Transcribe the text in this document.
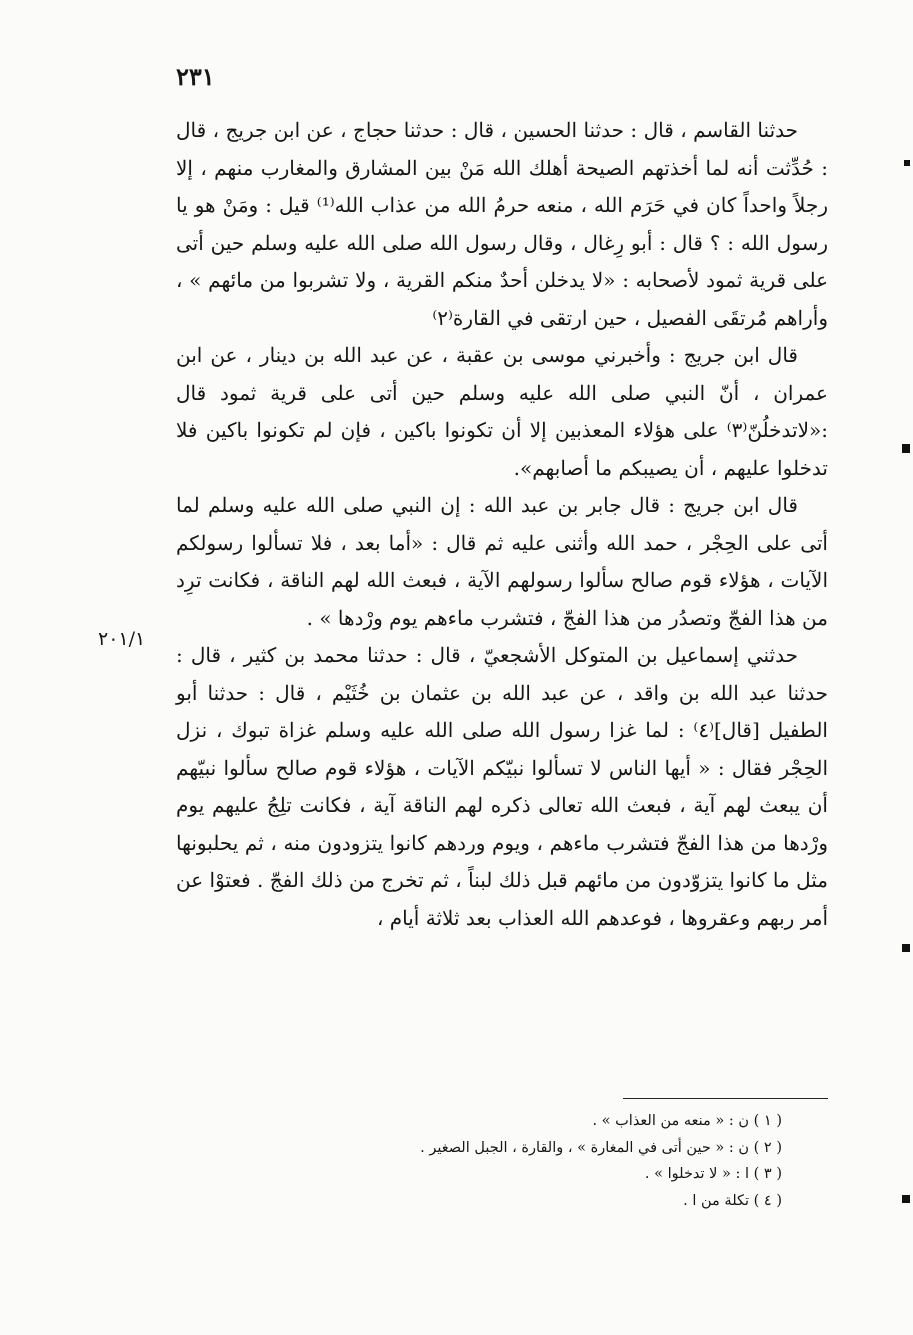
٢٣١

حدثنا القاسم ، قال : حدثنا الحسين ، قال : حدثنا حجاج ، عن ابن جريج ، قال : حُدِّثت أنه لما أخذتهم الصيحة أهلك الله مَنْ بين المشارق والمغارب منهم ، إلا رجلاً واحداً كان في حَرَم الله ، منعه حرمُ الله من عذاب الله⁽¹⁾ قيل : ومَنْ هو يا رسول الله : ؟ قال : أبو رِغال ، وقال رسول الله صلى الله عليه وسلم حين أتى على قرية ثمود لأصحابه : «لا يدخلن أحدٌ منكم القرية ، ولا تشربوا من مائهم » ، وأراهم مُرتقَى الفصيل ، حين ارتقى في القارة⁽٢⁾

قال ابن جريج : وأخبرني موسى بن عقبة ، عن عبد الله بن دينار ، عن ابن عمران ، أنّ النبي صلى الله عليه وسلم حين أتى على قرية ثمود قال :«لاتدخلُنّ⁽٣⁾ على هؤلاء المعذبين إلا أن تكونوا باكين ، فإن لم تكونوا باكين فلا تدخلوا عليهم ، أن يصيبكم ما أصابهم».

قال ابن جريج : قال جابر بن عبد الله : إن النبي صلى الله عليه وسلم لما أتى على الحِجْر ، حمد الله وأثنى عليه ثم قال : «أما بعد ، فلا تسألوا رسولكم الآيات ، هؤلاء قوم صالح سألوا رسولهم الآية ، فبعث الله لهم الناقة ، فكانت ترِد من هذا الفجّ وتصدُر من هذا الفجّ ، فتشرب ماءهم يوم ورْدها » .

حدثني إسماعيل بن المتوكل الأشجعيّ ، قال : حدثنا محمد بن كثير ، قال : حدثنا عبد الله بن واقد ، عن عبد الله بن عثمان بن خُثَيْم ، قال : حدثنا أبو الطفيل [قال]⁽٤⁾ : لما غزا رسول الله صلى الله عليه وسلم غزاة تبوك ، نزل الحِجْر فقال : « أيها الناس لا تسألوا نبيّكم الآيات ، هؤلاء قوم صالح سألوا نبيّهم أن يبعث لهم آية ، فبعث الله تعالى ذكره لهم الناقة آية ، فكانت تلِجُ عليهم يوم ورْدها من هذا الفجّ فتشرب ماءهم ، ويوم وردهم كانوا يتزودون منه ، ثم يحلبونها مثل ما كانوا يتزوّدون من مائهم قبل ذلك لبناً ، ثم تخرج من ذلك الفجّ . فعتوْا عن أمر ربهم وعقروها ، فوعدهم الله العذاب بعد ثلاثة أيام ،

٢٠١/١
( ١ ) ن : « منعه من العذاب » .
( ٢ ) ن : « حين أتى في المغارة » ، والقارة ، الجبل الصغير .
( ٣ ) ا : « لا تدخلوا » .
( ٤ ) تكلة من ا .
